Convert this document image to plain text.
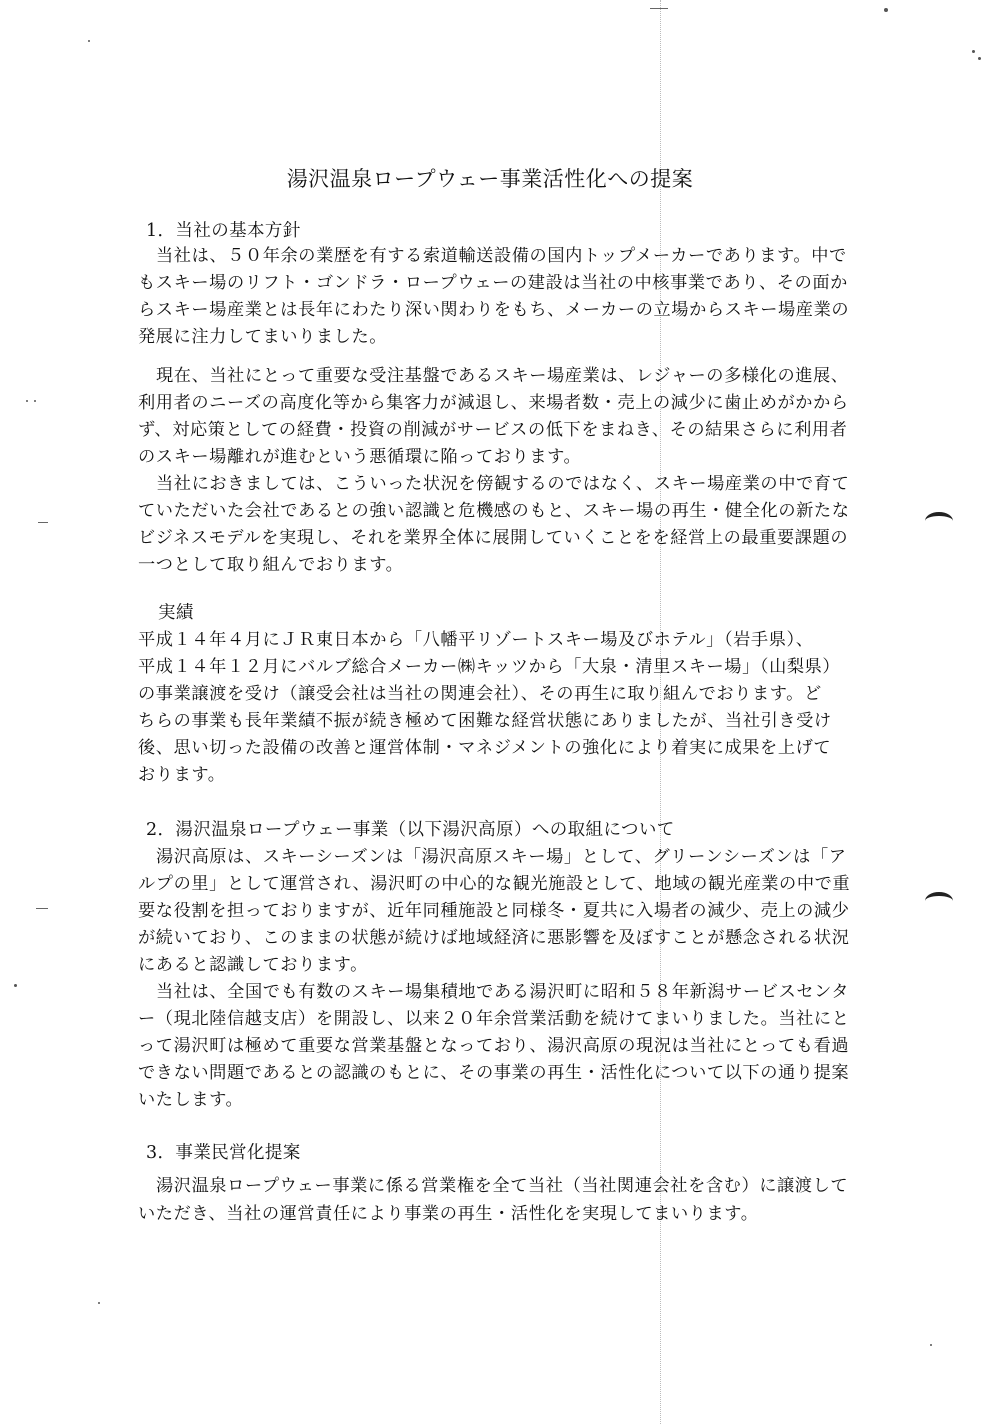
湯沢温泉ロープウェー事業活性化への提案
1．当社の基本方針
当社は、５０年余の業歴を有する索道輸送設備の国内トップメーカーであります。中で
もスキー場のリフト・ゴンドラ・ロープウェーの建設は当社の中核事業であり、その面か
らスキー場産業とは長年にわたり深い関わりをもち、メーカーの立場からスキー場産業の
発展に注力してまいりました。
現在、当社にとって重要な受注基盤であるスキー場産業は、レジャーの多様化の進展、
利用者のニーズの高度化等から集客力が減退し、来場者数・売上の減少に歯止めがかから
ず、対応策としての経費・投資の削減がサービスの低下をまねき、その結果さらに利用者
のスキー場離れが進むという悪循環に陥っております。
当社におきましては、こういった状況を傍観するのではなく、スキー場産業の中で育て
ていただいた会社であるとの強い認識と危機感のもと、スキー場の再生・健全化の新たな
ビジネスモデルを実現し、それを業界全体に展開していくことをを経営上の最重要課題の
一つとして取り組んでおります。
実績
平成１４年４月にＪＲ東日本から「八幡平リゾートスキー場及びホテル」（岩手県）、
平成１４年１２月にバルブ総合メーカー㈱キッツから「大泉・清里スキー場」（山梨県）
の事業譲渡を受け（譲受会社は当社の関連会社）、その再生に取り組んでおります。ど
ちらの事業も長年業績不振が続き極めて困難な経営状態にありましたが、当社引き受け
後、思い切った設備の改善と運営体制・マネジメントの強化により着実に成果を上げて
おります。
2．湯沢温泉ロープウェー事業（以下湯沢高原）への取組について
湯沢高原は、スキーシーズンは「湯沢高原スキー場」として、グリーンシーズンは「ア
ルプの里」として運営され、湯沢町の中心的な観光施設として、地域の観光産業の中で重
要な役割を担っておりますが、近年同種施設と同様冬・夏共に入場者の減少、売上の減少
が続いており、このままの状態が続けば地域経済に悪影響を及ぼすことが懸念される状況
にあると認識しております。
当社は、全国でも有数のスキー場集積地である湯沢町に昭和５８年新潟サービスセンタ
ー（現北陸信越支店）を開設し、以来２０年余営業活動を続けてまいりました。当社にと
って湯沢町は極めて重要な営業基盤となっており、湯沢高原の現況は当社にとっても看過
できない問題であるとの認識のもとに、その事業の再生・活性化について以下の通り提案
いたします。
3．事業民営化提案
湯沢温泉ロープウェー事業に係る営業権を全て当社（当社関連会社を含む）に譲渡して
いただき、当社の運営責任により事業の再生・活性化を実現してまいります。
